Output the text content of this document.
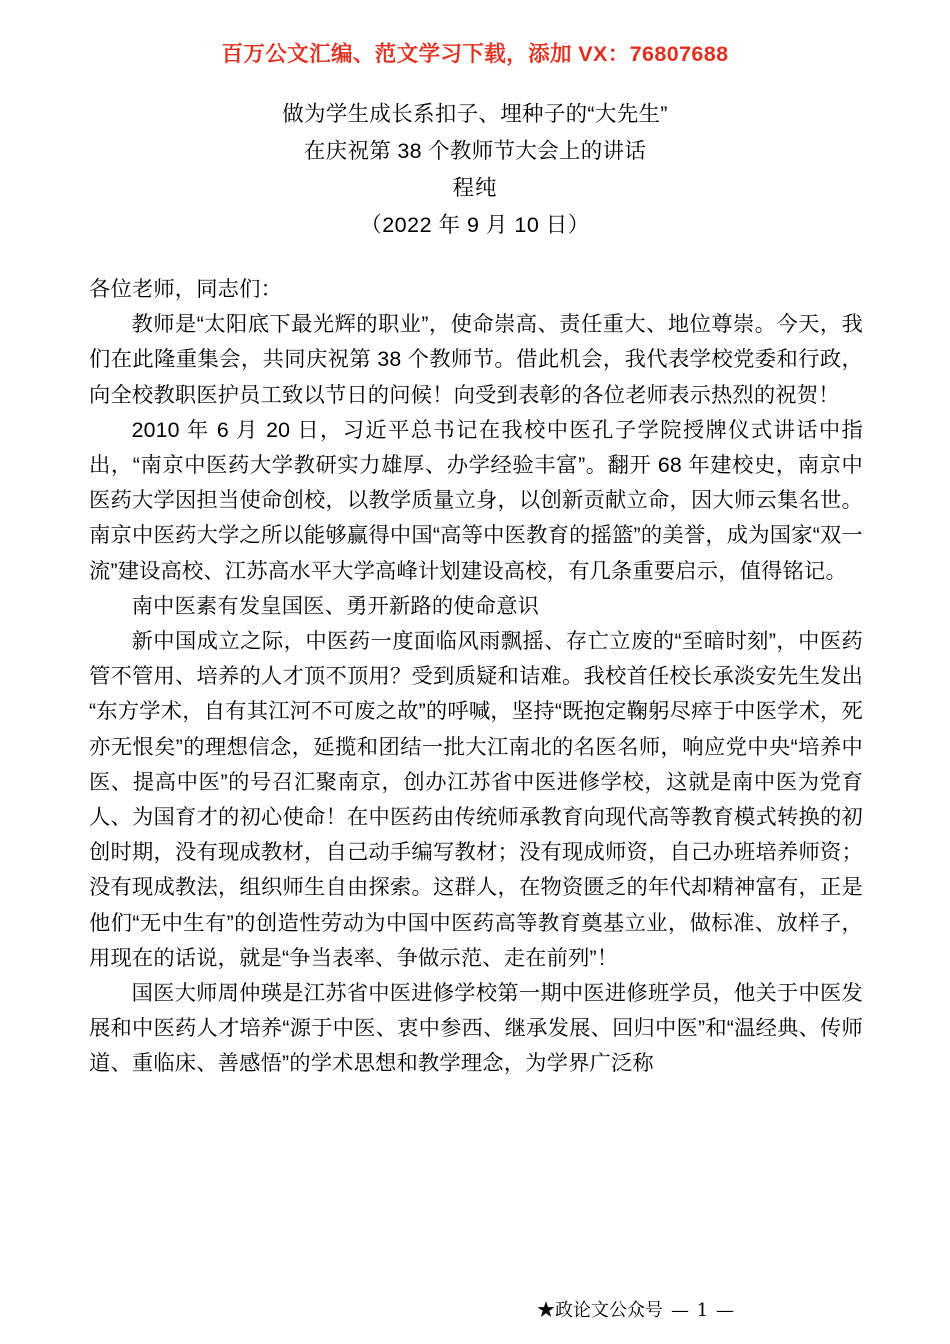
百万公文汇编、范文学习下载，添加 VX：76807688
做为学生成长系扣子、埋种子的“大先生”
在庆祝第 38 个教师节大会上的讲话
程纯
（2022 年 9 月 10 日）

各位老师，同志们：

教师是“太阳底下最光辉的职业”，使命崇高、责任重大、地位尊崇。今天，我们在此隆重集会，共同庆祝第 38 个教师节。借此机会，我代表学校党委和行政，向全校教职医护员工致以节日的问候！向受到表彰的各位老师表示热烈的祝贺！

2010 年 6 月 20 日，习近平总书记在我校中医孔子学院授牌仪式讲话中指出，“南京中医药大学教研实力雄厚、办学经验丰富”。翻开 68 年建校史，南京中医药大学因担当使命创校，以教学质量立身，以创新贡献立命，因大师云集名世。南京中医药大学之所以能够赢得中国“高等中医教育的摇篮”的美誉，成为国家“双一流”建设高校、江苏高水平大学高峰计划建设高校，有几条重要启示，值得铭记。

南中医素有发皇国医、勇开新路的使命意识

新中国成立之际，中医药一度面临风雨飘摇、存亡立废的“至暗时刻”，中医药管不管用、培养的人才顶不顶用？受到质疑和诘难。我校首任校长承淡安先生发出“东方学术，自有其江河不可废之故”的呼喊，坚持“既抱定鞠躬尽瘁于中医学术，死亦无恨矣”的理想信念，延揽和团结一批大江南北的名医名师，响应党中央“培养中医、提高中医”的号召汇聚南京，创办江苏省中医进修学校，这就是南中医为党育人、为国育才的初心使命！在中医药由传统师承教育向现代高等教育模式转换的初创时期，没有现成教材，自己动手编写教材；没有现成师资，自己办班培养师资；没有现成教法，组织师生自由探索。这群人，在物资匮乏的年代却精神富有，正是他们“无中生有”的创造性劳动为中国中医药高等教育奠基立业，做标准、放样子，用现在的话说，就是“争当表率、争做示范、走在前列”！

国医大师周仲瑛是江苏省中医进修学校第一期中医进修班学员，他关于中医发展和中医药人才培养“源于中医、衷中参西、继承发展、回归中医”和“温经典、传师道、重临床、善感悟”的学术思想和教学理念，为学界广泛称

★政论文公众号 — 1 —
